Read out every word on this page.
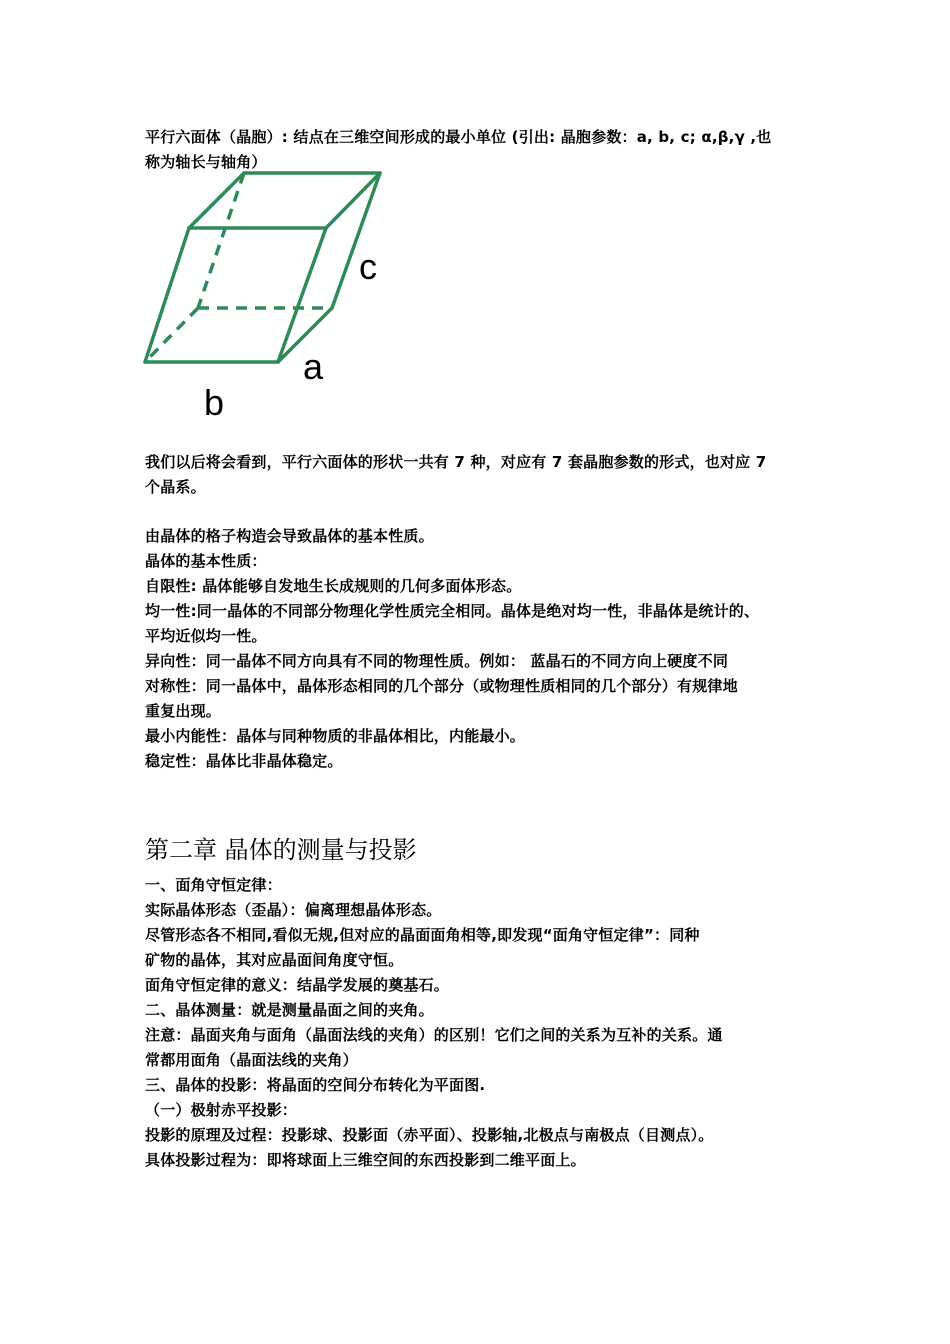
平行六面体（晶胞）: 结点在三维空间形成的最小单位 (引出: 晶胞参数：a, b, c; α,β,γ ,也
称为轴长与轴角）
c
a
b
我们以后将会看到，平行六面体的形状一共有 7 种，对应有 7 套晶胞参数的形式，也对应 7
个晶系。
由晶体的格子构造会导致晶体的基本性质。
晶体的基本性质：
自限性: 晶体能够自发地生长成规则的几何多面体形态。
均一性:同一晶体的不同部分物理化学性质完全相同。晶体是绝对均一性，非晶体是统计的、
平均近似均一性。
异向性：同一晶体不同方向具有不同的物理性质。例如： 蓝晶石的不同方向上硬度不同
对称性：同一晶体中，晶体形态相同的几个部分（或物理性质相同的几个部分）有规律地
重复出现。
最小内能性：晶体与同种物质的非晶体相比，内能最小。
稳定性：晶体比非晶体稳定。
第二章 晶体的测量与投影
一、面角守恒定律：
实际晶体形态（歪晶）：偏离理想晶体形态。
尽管形态各不相同,看似无规,但对应的晶面面角相等,即发现“面角守恒定律”：同种
矿物的晶体，其对应晶面间角度守恒。
面角守恒定律的意义：结晶学发展的奠基石。
二、晶体测量：就是测量晶面之间的夹角。
注意：晶面夹角与面角（晶面法线的夹角）的区别！它们之间的关系为互补的关系。通
常都用面角（晶面法线的夹角）
三、晶体的投影：将晶面的空间分布转化为平面图.
（一）极射赤平投影：
投影的原理及过程：投影球、投影面（赤平面）、投影轴,北极点与南极点（目测点）。
具体投影过程为：即将球面上三维空间的东西投影到二维平面上。
